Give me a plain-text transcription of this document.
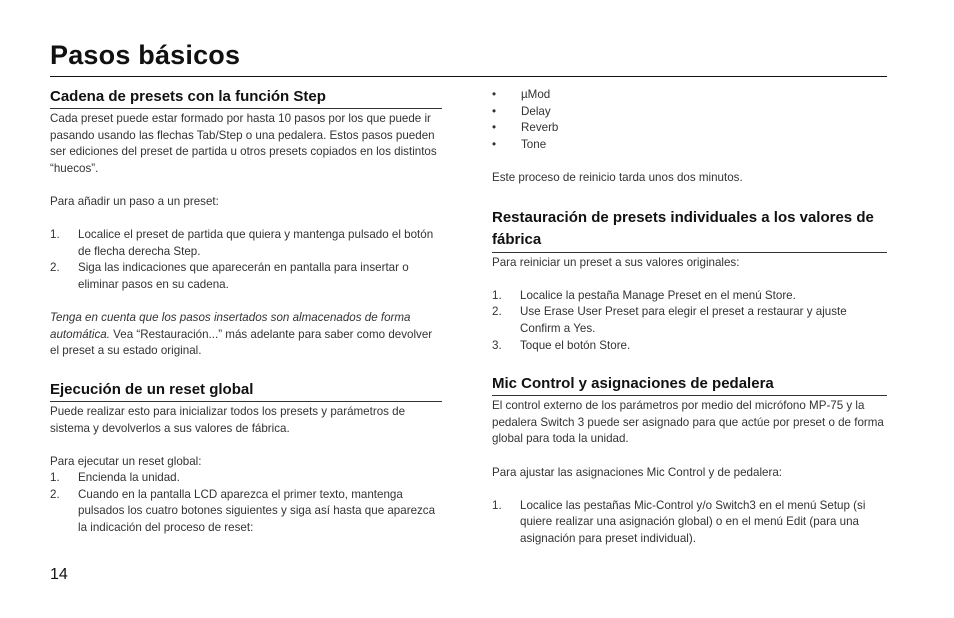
Pasos básicos
Cadena de presets con la función Step

Cada preset puede estar formado por hasta 10 pasos por los que puede ir pasando usando las flechas Tab/Step o una pedalera. Estos pasos pueden ser ediciones del preset de partida u otros presets copiados en los distintos “huecos”.

Para añadir un paso a un preset:

1. Localice el preset de partida que quiera y mantenga pulsado el botón de flecha derecha Step.
2. Siga las indicaciones que aparecerán en pantalla para insertar o eliminar pasos en su cadena.

Tenga en cuenta que los pasos insertados son almacenados de forma automática. Vea “Restauración...” más adelante para saber como devolver el preset a su estado original.

Ejecución de un reset global

Puede realizar esto para inicializar todos los presets y parámetros de sistema y devolverlos a sus valores de fábrica.

Para ejecutar un reset global:

1. Encienda la unidad.
2. Cuando en la pantalla LCD aparezca el primer texto, mantenga pulsados los cuatro botones siguientes y siga así hasta que aparezca la indicación del proceso de reset:
• µMod
• Delay
• Reverb
• Tone

Este proceso de reinicio tarda unos dos minutos.

Restauración de presets individuales a los valores de fábrica

Para reiniciar un preset a sus valores originales:

1. Localice la pestaña Manage Preset en el menú Store.
2. Use Erase User Preset para elegir el preset a restaurar y ajuste Confirm a Yes.
3. Toque el botón Store.
Mic Control y asignaciones de pedalera

El control externo de los parámetros por medio del micrófono MP-75 y la pedalera Switch 3 puede ser asignado para que actúe por preset o de forma global para toda la unidad.

Para ajustar las asignaciones Mic Control y de pedalera:

1. Localice las pestañas Mic-Control y/o Switch3 en el menú Setup (si quiere realizar una asignación global) o en el menú Edit (para una asignación para preset individual).
14
